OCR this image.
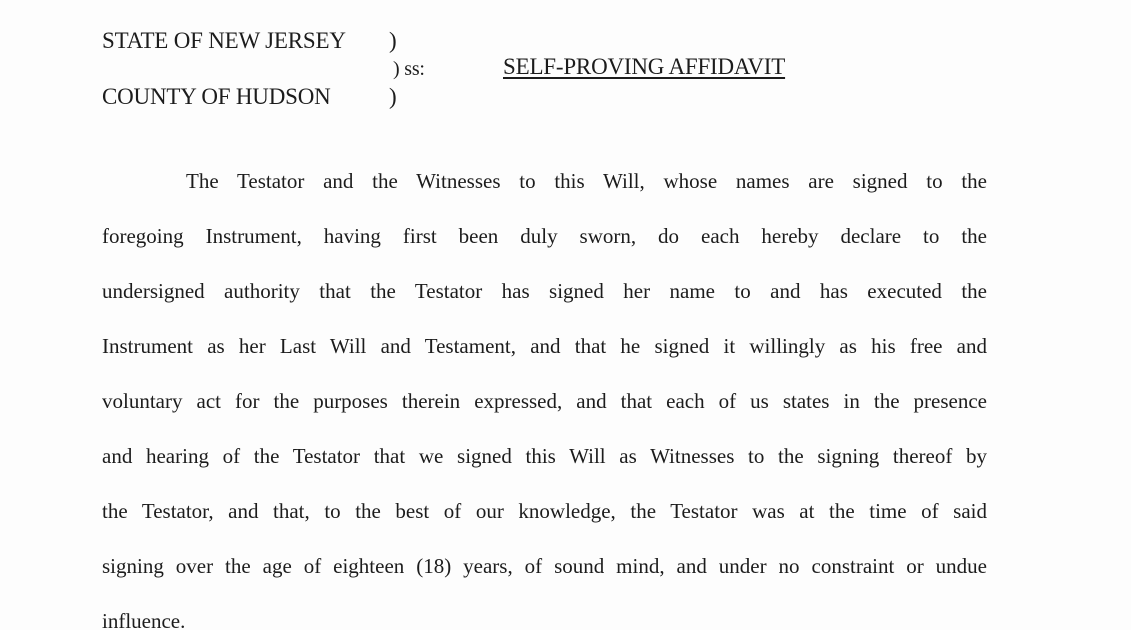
STATE OF NEW JERSEY )
) ss:
COUNTY OF HUDSON	)
SELF-PROVING AFFIDAVIT
The Testator and the Witnesses to this Will, whose names are signed to the
foregoing Instrument, having first been duly sworn, do each hereby declare to the
undersigned authority that the Testator has signed her name to and has executed the
Instrument as her Last Will and Testament, and that he signed it willingly as his free and
voluntary act for the purposes therein expressed, and that each of us states in the presence
and hearing of the Testator that we signed this Will as Witnesses to the signing thereof by
the Testator, and that, to the best of our knowledge, the Testator was at the time of said
signing over the age of eighteen (18) years, of sound mind, and under no constraint or undue
influence.
